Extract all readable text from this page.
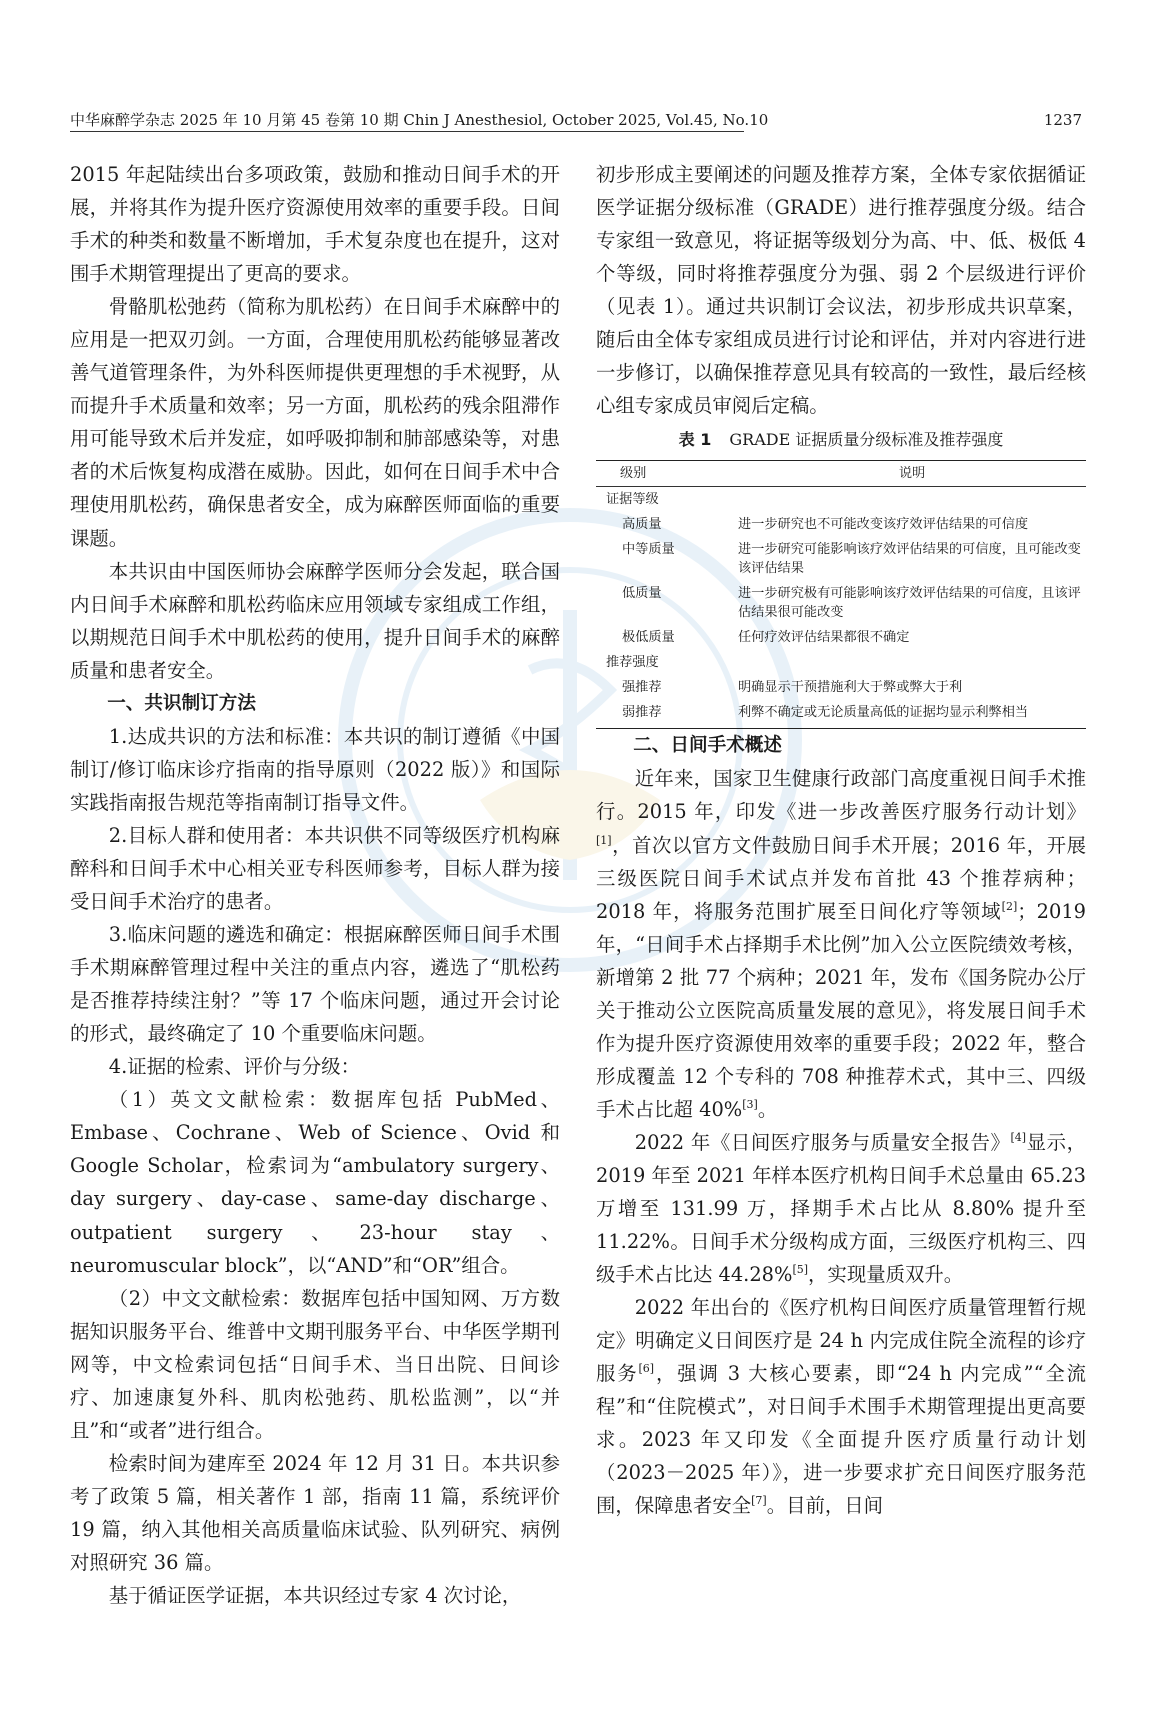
中华麻醉学杂志 2025 年 10 月第 45 卷第 10 期 Chin J Anesthesiol, October 2025, Vol.45, No.10	1237

2015 年起陆续出台多项政策，鼓励和推动日间手术的开展，并将其作为提升医疗资源使用效率的重要手段。日间手术的种类和数量不断增加，手术复杂度也在提升，这对围手术期管理提出了更高的要求。

骨骼肌松弛药（简称为肌松药）在日间手术麻醉中的应用是一把双刃剑。一方面，合理使用肌松药能够显著改善气道管理条件，为外科医师提供更理想的手术视野，从而提升手术质量和效率；另一方面，肌松药的残余阻滞作用可能导致术后并发症，如呼吸抑制和肺部感染等，对患者的术后恢复构成潜在威胁。因此，如何在日间手术中合理使用肌松药，确保患者安全，成为麻醉医师面临的重要课题。

本共识由中国医师协会麻醉学医师分会发起，联合国内日间手术麻醉和肌松药临床应用领域专家组成工作组，以期规范日间手术中肌松药的使用，提升日间手术的麻醉质量和患者安全。

一、共识制订方法

1.达成共识的方法和标准：本共识的制订遵循《中国制订/修订临床诊疗指南的指导原则（2022 版）》和国际实践指南报告规范等指南制订指导文件。

2.目标人群和使用者：本共识供不同等级医疗机构麻醉科和日间手术中心相关亚专科医师参考，目标人群为接受日间手术治疗的患者。

3.临床问题的遴选和确定：根据麻醉医师日间手术围手术期麻醉管理过程中关注的重点内容，遴选了“肌松药是否推荐持续注射？”等 17 个临床问题，通过开会讨论的形式，最终确定了 10 个重要临床问题。

4.证据的检索、评价与分级：

（1）英文文献检索：数据库包括 PubMed、Embase、Cochrane、Web of Science、Ovid 和 Google Scholar，检索词为“ambulatory surgery、day surgery、day-case、same-day discharge、outpatient surgery、23-hour stay、neuromuscular block”，以“AND”和“OR”组合。

（2）中文文献检索：数据库包括中国知网、万方数据知识服务平台、维普中文期刊服务平台、中华医学期刊网等，中文检索词包括“日间手术、当日出院、日间诊疗、加速康复外科、肌肉松弛药、肌松监测”，以“并且”和“或者”进行组合。

检索时间为建库至 2024 年 12 月 31 日。本共识参考了政策 5 篇，相关著作 1 部，指南 11 篇，系统评价 19 篇，纳入其他相关高质量临床试验、队列研究、病例对照研究 36 篇。

基于循证医学证据，本共识经过专家 4 次讨论，

初步形成主要阐述的问题及推荐方案，全体专家依据循证医学证据分级标准（GRADE）进行推荐强度分级。结合专家组一致意见，将证据等级划分为高、中、低、极低 4 个等级，同时将推荐强度分为强、弱 2 个层级进行评价（见表 1）。通过共识制订会议法，初步形成共识草案，随后由全体专家组成员进行讨论和评估，并对内容进行进一步修订，以确保推荐意见具有较高的一致性，最后经核心组专家成员审阅后定稿。

表 1 GRADE 证据质量分级标准及推荐强度
级别	说明
证据等级	
高质量	进一步研究也不可能改变该疗效评估结果的可信度
中等质量	进一步研究可能影响该疗效评估结果的可信度，且可能改变该评估结果
低质量	进一步研究极有可能影响该疗效评估结果的可信度，且该评估结果很可能改变
极低质量	任何疗效评估结果都很不确定
推荐强度	
强推荐	明确显示干预措施利大于弊或弊大于利
弱推荐	利弊不确定或无论质量高低的证据均显示利弊相当

二、日间手术概述

近年来，国家卫生健康行政部门高度重视日间手术推行。2015 年，印发《进一步改善医疗服务行动计划》[1]，首次以官方文件鼓励日间手术开展；2016 年，开展三级医院日间手术试点并发布首批 43 个推荐病种；2018 年，将服务范围扩展至日间化疗等领域[2]；2019 年，“日间手术占择期手术比例”加入公立医院绩效考核，新增第 2 批 77 个病种；2021 年，发布《国务院办公厅关于推动公立医院高质量发展的意见》，将发展日间手术作为提升医疗资源使用效率的重要手段；2022 年，整合形成覆盖 12 个专科的 708 种推荐术式，其中三、四级手术占比超 40%[3]。

2022 年《日间医疗服务与质量安全报告》[4]显示，2019 年至 2021 年样本医疗机构日间手术总量由 65.23 万增至 131.99 万，择期手术占比从 8.80% 提升至 11.22%。日间手术分级构成方面，三级医疗机构三、四级手术占比达 44.28%[5]，实现量质双升。

2022 年出台的《医疗机构日间医疗质量管理暂行规定》明确定义日间医疗是 24 h 内完成住院全流程的诊疗服务[6]，强调 3 大核心要素，即“24 h 内完成”“全流程”和“住院模式”，对日间手术围手术期管理提出更高要求。2023 年又印发《全面提升医疗质量行动计划（2023－2025 年）》，进一步要求扩充日间医疗服务范围，保障患者安全[7]。目前，日间
